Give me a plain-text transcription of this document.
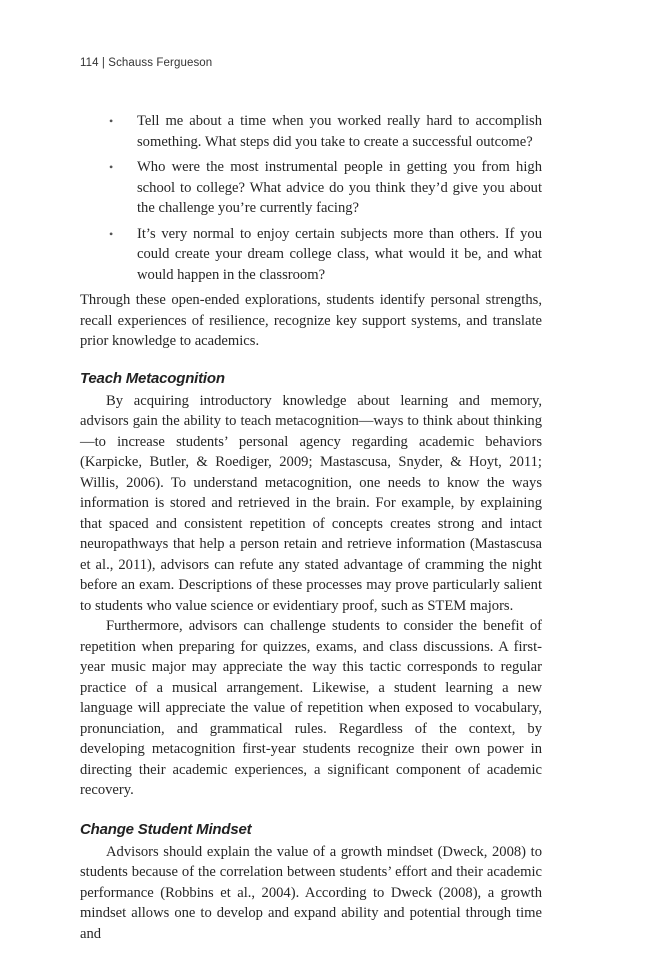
114 | Schauss Fergueson
• Tell me about a time when you worked really hard to accomplish something. What steps did you take to create a successful outcome?
• Who were the most instrumental people in getting you from high school to college? What advice do you think they’d give you about the challenge you’re currently facing?
• It’s very normal to enjoy certain subjects more than others. If you could create your dream college class, what would it be, and what would happen in the classroom?

Through these open-ended explorations, students identify personal strengths, recall experiences of resilience, recognize key support systems, and translate prior knowledge to academics.

Teach Metacognition

By acquiring introductory knowledge about learning and memory, advisors gain the ability to teach metacognition—ways to think about thinking—to increase students’ personal agency regarding academic behaviors (Karpicke, Butler, & Roediger, 2009; Mastascusa, Snyder, & Hoyt, 2011; Willis, 2006). To understand metacognition, one needs to know the ways information is stored and retrieved in the brain. For example, by explaining that spaced and consistent repetition of concepts creates strong and intact neuropathways that help a person retain and retrieve information (Mastascusa et al., 2011), advisors can refute any stated advantage of cramming the night before an exam. Descriptions of these processes may prove particularly salient to students who value science or evidentiary proof, such as STEM majors.

Furthermore, advisors can challenge students to consider the benefit of repetition when preparing for quizzes, exams, and class discussions. A first-year music major may appreciate the way this tactic corresponds to regular practice of a musical arrangement. Likewise, a student learning a new language will appreciate the value of repetition when exposed to vocabulary, pronunciation, and grammatical rules. Regardless of the context, by developing metacognition first-year students recognize their own power in directing their academic experiences, a significant component of academic recovery.

Change Student Mindset

Advisors should explain the value of a growth mindset (Dweck, 2008) to students because of the correlation between students’ effort and their academic performance (Robbins et al., 2004). According to Dweck (2008), a growth mindset allows one to develop and expand ability and potential through time and
